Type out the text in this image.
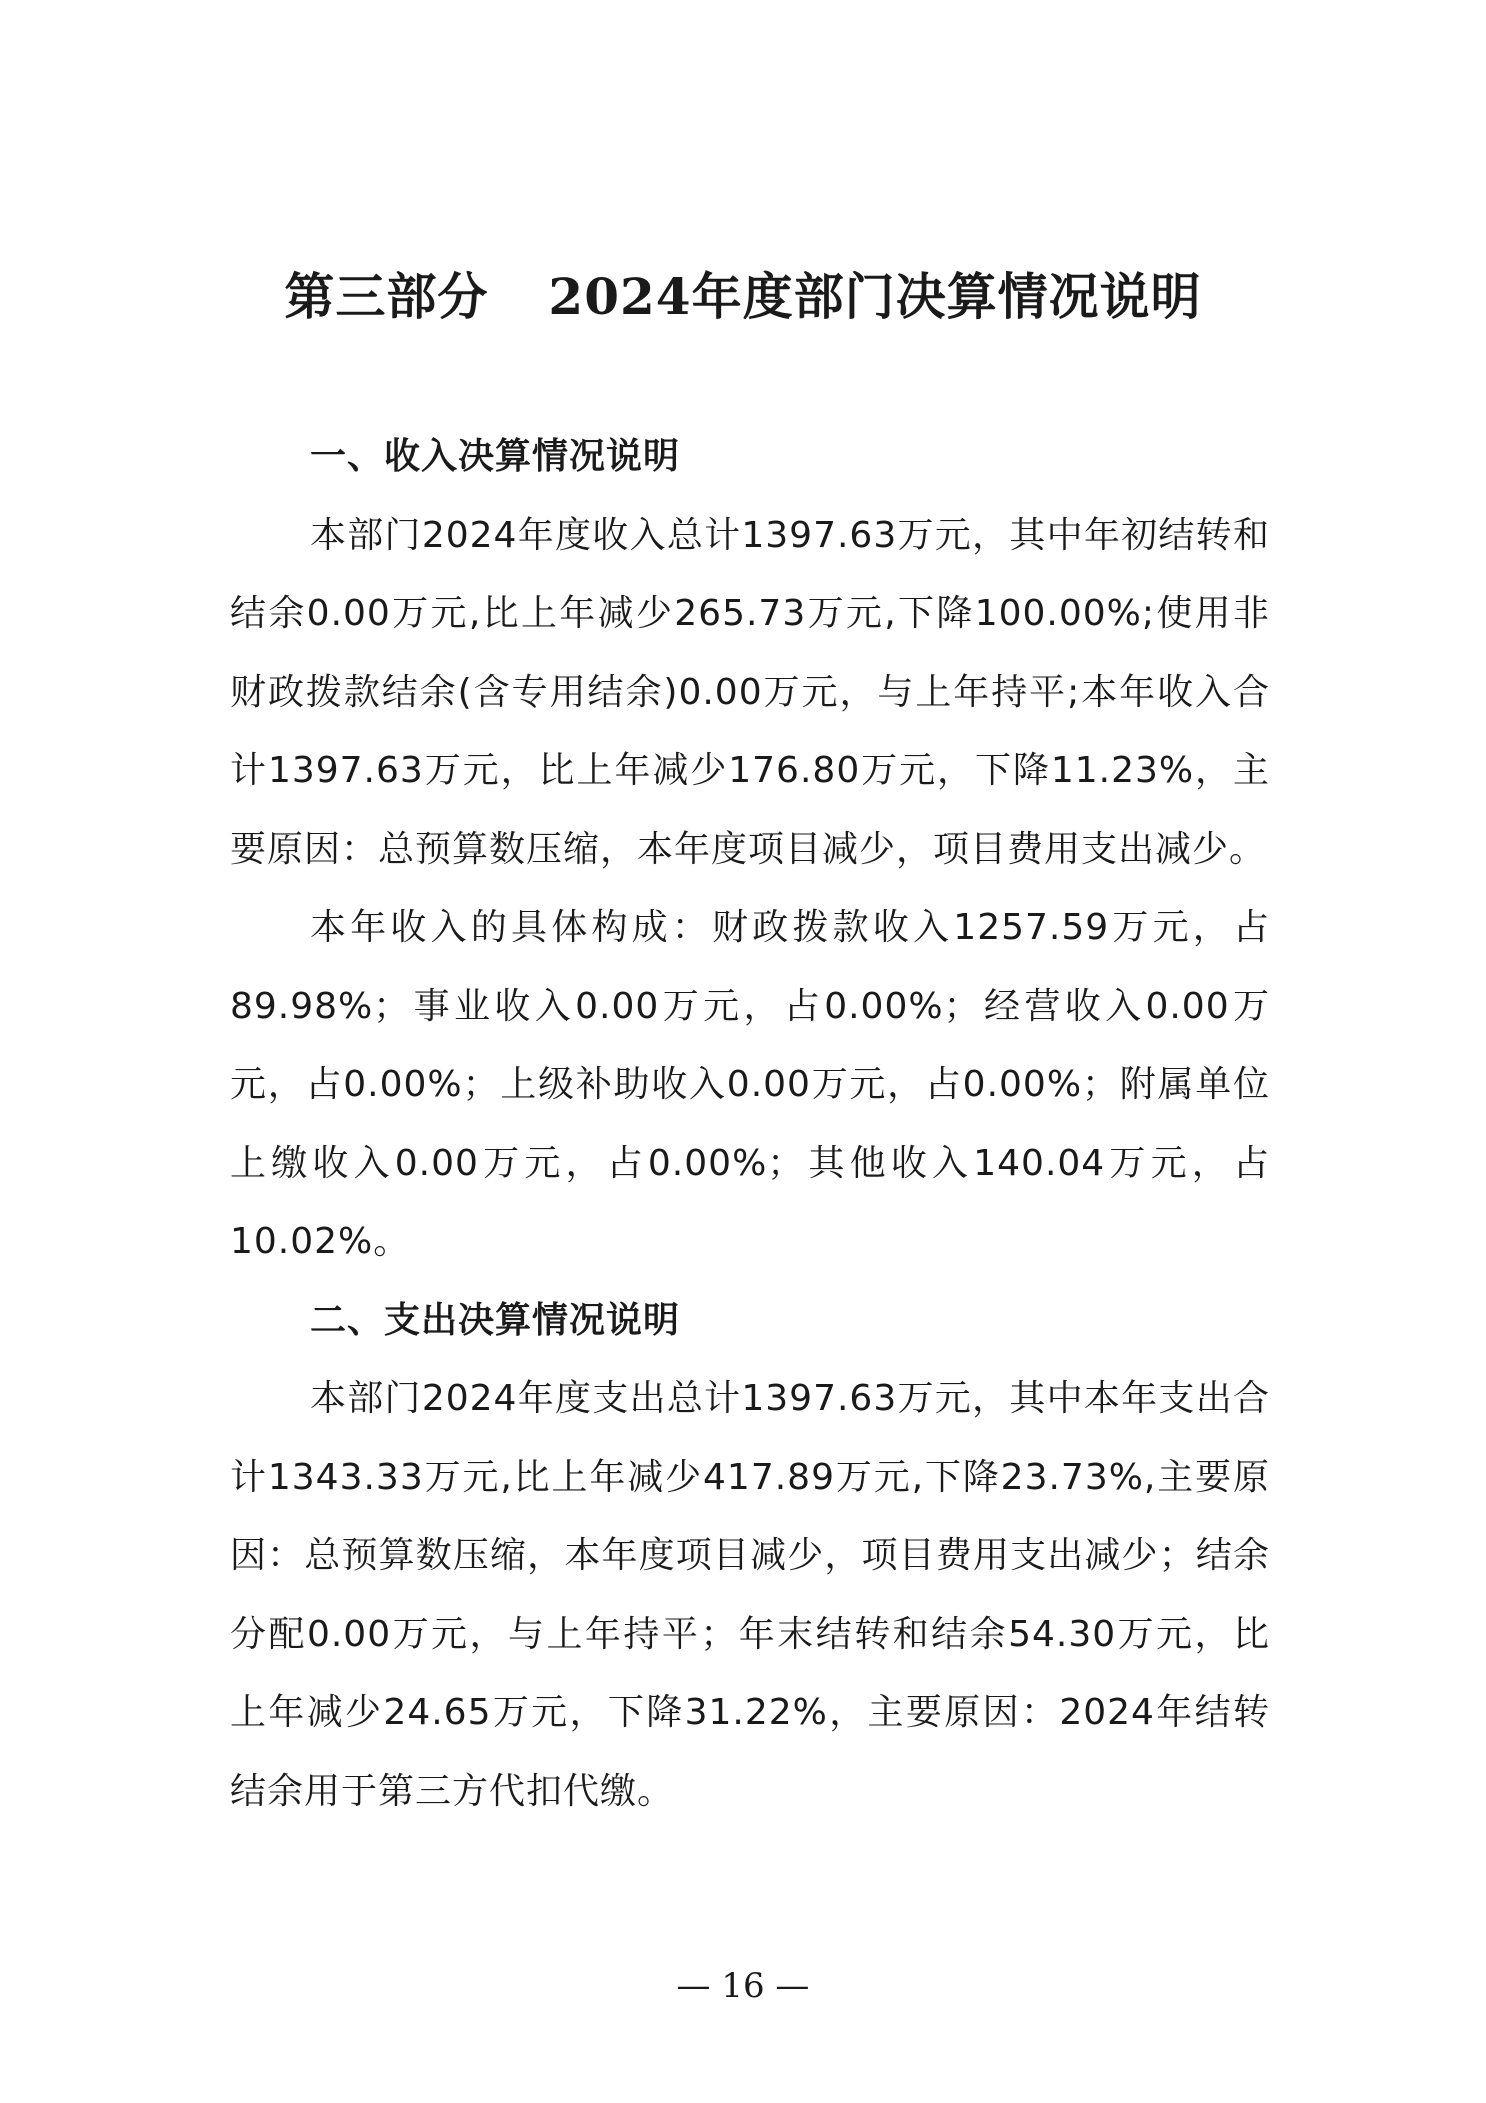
第三部分 2024年度部门决算情况说明
一、收入决算情况说明

本部门2024年度收入总计1397.63万元，其中年初结转和结余0.00万元,比上年减少265.73万元,下降100.00%;使用非财政拨款结余(含专用结余)0.00万元，与上年持平;本年收入合计1397.63万元，比上年减少176.80万元，下降11.23%，主要原因：总预算数压缩，本年度项目减少，项目费用支出减少。

本年收入的具体构成：财政拨款收入1257.59万元，占89.98%；事业收入0.00万元，占0.00%；经营收入0.00万元，占0.00%；上级补助收入0.00万元，占0.00%；附属单位上缴收入0.00万元，占0.00%；其他收入140.04万元，占10.02%。

二、支出决算情况说明

本部门2024年度支出总计1397.63万元，其中本年支出合计1343.33万元,比上年减少417.89万元,下降23.73%,主要原因：总预算数压缩，本年度项目减少，项目费用支出减少；结余分配0.00万元，与上年持平；年末结转和结余54.30万元，比上年减少24.65万元，下降31.22%，主要原因：2024年结转结余用于第三方代扣代缴。

— 16 —
